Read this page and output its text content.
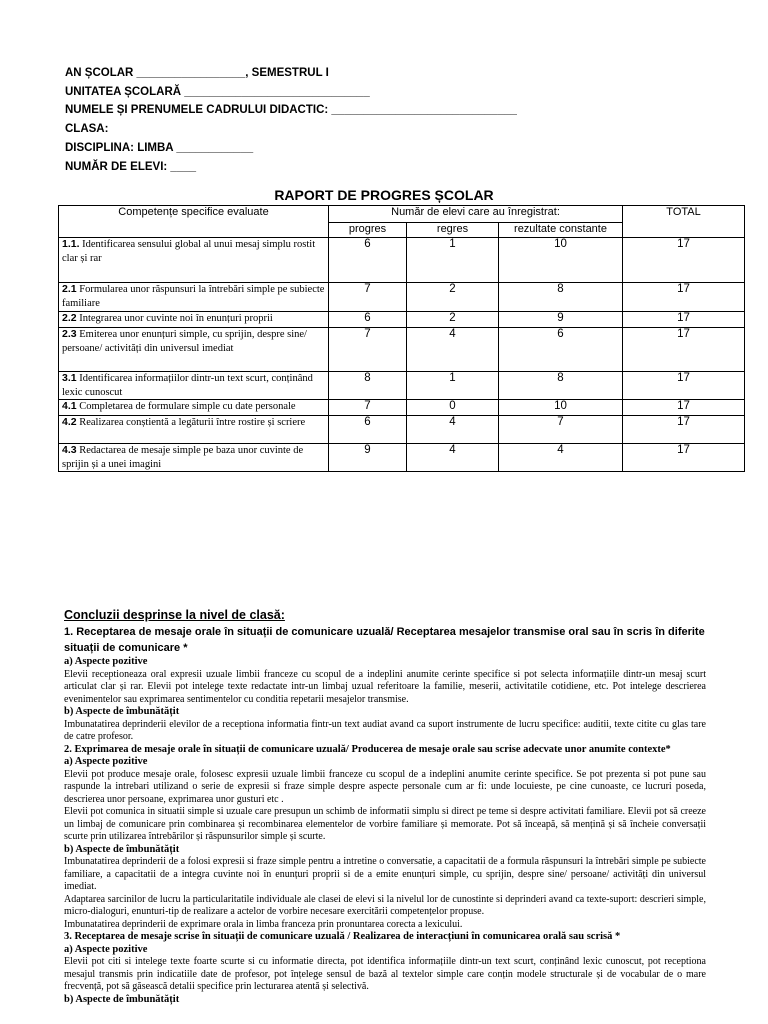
AN ȘCOLAR _________________, SEMESTRUL I
UNITATEA ȘCOLARĂ _____________________________
NUMELE ȘI PRENUMELE CADRULUI DIDACTIC: _____________________________
CLASA:
DISCIPLINA: LIMBA ____________
NUMĂR DE ELEVI: ____
RAPORT DE PROGRES ȘCOLAR
Competențe specifice evaluate	Număr de elevi care au înregistrat:			TOTAL
	progres	regres	rezultate constante	
1.1. Identificarea sensului global al unui mesaj simplu rostit clar și rar	6	1	10	17
2.1 Formularea unor răspunsuri la întrebări simple pe subiecte familiare	7	2	8	17
2.2 Integrarea unor cuvinte noi în enunțuri proprii	6	2	9	17
2.3 Emiterea unor enunțuri simple, cu sprijin, despre sine/ persoane/ activități din universul imediat	7	4	6	17
3.1 Identificarea informațiilor dintr-un text scurt, conținând lexic cunoscut	8	1	8	17
4.1 Completarea de formulare simple cu date personale	7	0	10	17
4.2 Realizarea conștientă a legăturii între rostire și scriere	6	4	7	17
4.3 Redactarea de mesaje simple pe baza unor cuvinte de sprijin și a unei imagini	9	4	4	17
Concluzii desprinse la nivel de clasă:

1. Receptarea de mesaje orale în situații de comunicare uzuală/ Receptarea mesajelor transmise oral sau în scris în diferite situații de comunicare *

a) Aspecte pozitive

Elevii receptioneaza oral expresii uzuale limbii franceze cu scopul de a indeplini anumite cerinte specifice si pot selecta informațiile dintr-un mesaj scurt articulat clar și rar. Elevii pot intelege texte redactate intr-un limbaj uzual referitoare la familie, meserii, activitatile cotidiene, etc. Pot intelege descrierea evenimentelor sau exprimarea sentimentelor cu conditia repetarii mesajelor transmise.

b) Aspecte de îmbunătățit

Imbunatatirea deprinderii elevilor de a receptiona informatia fintr-un text audiat avand ca suport instrumente de lucru specifice: auditii, texte citite cu glas tare de catre profesor.

2. Exprimarea de mesaje orale în situații de comunicare uzuală/ Producerea de mesaje orale sau scrise adecvate unor anumite contexte*

a) Aspecte pozitive

Elevii pot produce mesaje orale, folosesc expresii uzuale limbii franceze cu scopul de a indeplini anumite cerinte specifice. Se pot prezenta si pot pune sau raspunde la intrebari utilizand o serie de expresii si fraze simple despre aspecte personale cum ar fi: unde locuieste, pe cine cunoaste, ce lucruri poseda, descrierea unor persoane, exprimarea unor gusturi etc .

Elevii pot comunica in situatii simple si uzuale care presupun un schimb de informatii simplu si direct pe teme si despre activitati familiare. Elevii pot să creeze un limbaj de comunicare prin combinarea și recombinarea elementelor de vorbire familiare și memorate. Pot să înceapă, să mențină și să încheie conversații scurte prin utilizarea întrebărilor și răspunsurilor simple și scurte.

b) Aspecte de îmbunătățit

Imbunatatirea deprinderii de a folosi expresii si fraze simple pentru a intretine o conversatie, a capacitatii de a formula răspunsuri la întrebări simple pe subiecte familiare, a capacitatii de a integra cuvinte noi în enunțuri proprii si de a emite enunțuri simple, cu sprijin, despre sine/ persoane/ activități din universul imediat.

Adaptarea sarcinilor de lucru la particularitatile individuale ale clasei de elevi si la nivelul lor de cunostinte si deprinderi avand ca texte-suport: descrieri simple, micro-dialoguri, enunturi-tip de realizare a actelor de vorbire necesare exercitării competențelor propuse.

Imbunatatirea deprinderii de exprimare orala in limba franceza prin pronuntarea corecta a lexicului.

3. Receptarea de mesaje scrise în situații de comunicare uzuală / Realizarea de interacțiuni în comunicarea orală sau scrisă *

a) Aspecte pozitive

Elevii pot citi si intelege texte foarte scurte si cu informatie directa, pot identifica informațiile dintr-un text scurt, conținând lexic cunoscut, pot receptiona mesajul transmis prin indicatiile date de profesor, pot înțelege sensul de bază al textelor simple care conțin modele structurale și de vocabular de o mare frecvență, pot să găsească detalii specifice prin lecturarea atentă și selectivă.

b) Aspecte de îmbunătățit
